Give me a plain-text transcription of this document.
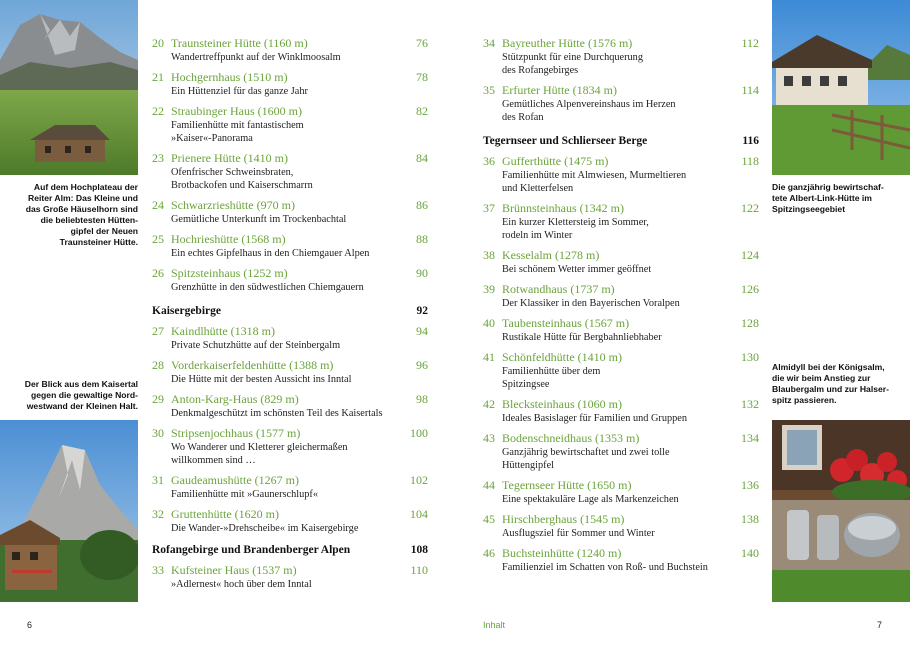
Auf dem Hochplateau der
Reiter Alm: Das Kleine und
das Große Häuselhorn sind
die beliebtesten Hütten-
gipfel der Neuen
Traunsteiner Hütte.
Der Blick aus dem Kaisertal
gegen die gewaltige Nord-
westwand der Kleinen Halt.
Die ganzjährig bewirtschaf-
tete Albert-Link-Hütte im
Spitzingseegebiet
Almidyll bei der Königsalm,
die wir beim Anstieg zur
Blaubergalm und zur Halser-
spitz passieren.
20 Traunsteiner Hütte (1160 m)	76
Wandertreffpunkt auf der Winklmoosalm
21 Hochgernhaus (1510 m)	78
Ein Hüttenziel für das ganze Jahr
22 Straubinger Haus (1600 m)	82
Familienhütte mit fantastischem
»Kaiser«-Panorama
23 Prienere Hütte (1410 m)	84
Ofenfrischer Schweinsbraten,
Brotbackofen und Kaiserschmarrn
24 Schwarzrieshütte (970 m)	86
Gemütliche Unterkunft im Trockenbachtal
25 Hochrieshütte (1568 m)	88
Ein echtes Gipfelhaus in den Chiemgauer Alpen
26 Spitzsteinhaus (1252 m)	90
Grenzhütte in den südwestlichen Chiemgauern
Kaisergebirge	92
27 Kaindlhütte (1318 m)	94
Private Schutzhütte auf der Steinbergalm
28 Vorderkaiserfeldenhütte (1388 m)	96
Die Hütte mit der besten Aussicht ins Inntal
29 Anton-Karg-Haus (829 m)	98
Denkmalgeschützt im schönsten Teil des Kaisertals
30 Stripsenjochhaus (1577 m)	100
Wo Wanderer und Kletterer gleichermaßen
willkommen sind …
31 Gaudeamushütte (1267 m)	102
Familienhütte mit »Gaunerschlupf«
32 Gruttenhütte (1620 m)	104
Die Wander-»Drehscheibe« im Kaisergebirge
Rofangebirge und Brandenberger Alpen	108
33 Kufsteiner Haus (1537 m)	110
»Adlernest« hoch über dem Inntal
34 Bayreuther Hütte (1576 m)	112
Stützpunkt für eine Durchquerung
des Rofangebirges
35 Erfurter Hütte (1834 m)	114
Gemütliches Alpenvereinshaus im Herzen
des Rofan
Tegernseer und Schlierseer Berge	116
36 Gufferthütte (1475 m)	118
Familienhütte mit Almwiesen, Murmeltieren
und Kletterfelsen
37 Brünnsteinhaus (1342 m)	122
Ein kurzer Klettersteig im Sommer,
rodeln im Winter
38 Kesselalm (1278 m)	124
Bei schönem Wetter immer geöffnet
39 Rotwandhaus (1737 m)	126
Der Klassiker in den Bayerischen Voralpen
40 Taubensteinhaus (1567 m)	128
Rustikale Hütte für Bergbahnliebhaber
41 Schönfeldhütte (1410 m)	130
Familienhütte über dem
Spitzingsee
42 Blecksteinhaus (1060 m)	132
Ideales Basislager für Familien und Gruppen
43 Bodenschneidhaus (1353 m)	134
Ganzjährig bewirtschaftet und zwei tolle
Hüttengipfel
44 Tegernseer Hütte (1650 m)	136
Eine spektakuläre Lage als Markenzeichen
45 Hirschberghaus (1545 m)	138
Ausflugsziel für Sommer und Winter
46 Buchsteinhütte (1240 m)	140
Familienziel im Schatten von Roß- und Buchstein
6	Inhalt	7
